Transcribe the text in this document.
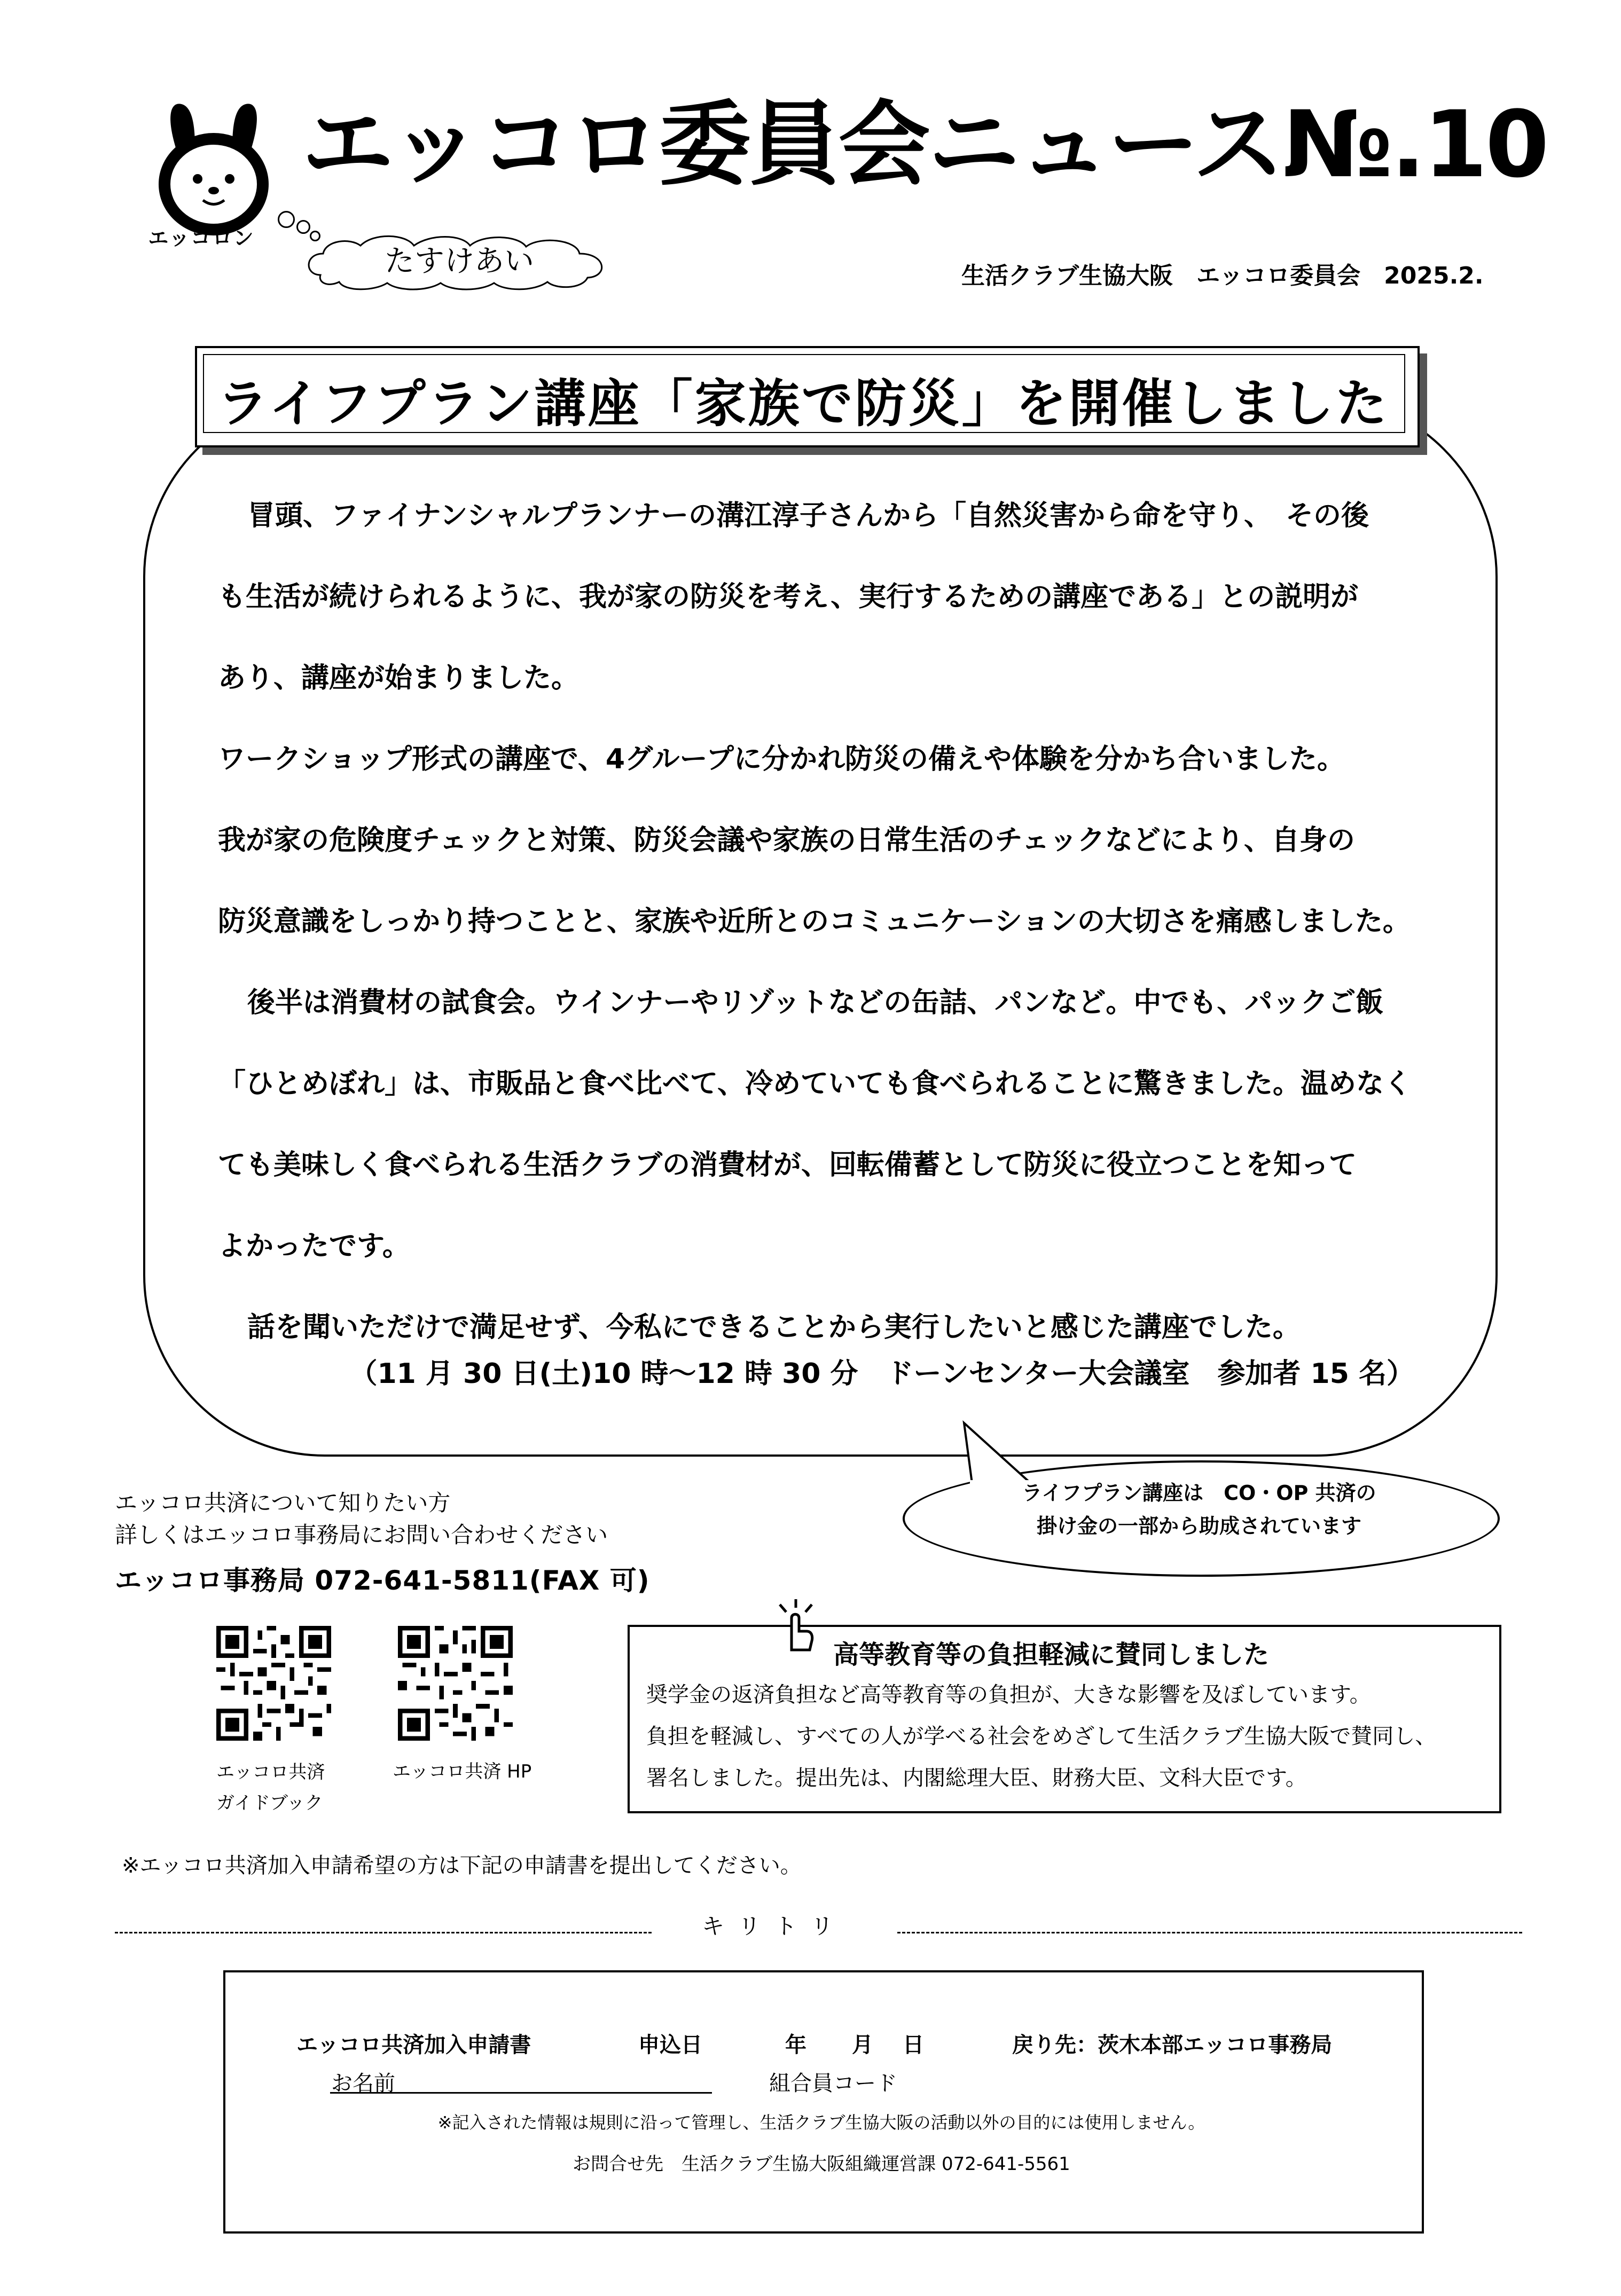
エッコロン
エッコロ委員会ニュース№.10
たすけあい	生活クラブ生協大阪　エッコロ委員会　2025.2.
ライフプラン講座「家族で防災」を開催しました

冒頭、ファイナンシャルプランナーの溝江淳子さんから「自然災害から命を守り、　その後

も生活が続けられるように、我が家の防災を考え、実行するための講座である」との説明が

あり、講座が始まりました。

ワークショップ形式の講座で、4グループに分かれ防災の備えや体験を分かち合いました。

我が家の危険度チェックと対策、防災会議や家族の日常生活のチェックなどにより、自身の

防災意識をしっかり持つことと、家族や近所とのコミュニケーションの大切さを痛感しました。

後半は消費材の試食会。ウインナーやリゾットなどの缶詰、パンなど。中でも、パックご飯

「ひとめぼれ」は、市販品と食べ比べて、冷めていても食べられることに驚きました。温めなく

ても美味しく食べられる生活クラブの消費材が、回転備蓄として防災に役立つことを知って

よかったです。

話を聞いただけで満足せず、今私にできることから実行したいと感じた講座でした。

（11 月 30 日(土)10 時～12 時 30 分　ドーンセンター大会議室　参加者 15 名）
ライフプラン講座は　CO・OP 共済の
掛け金の一部から助成されています
エッコロ共済について知りたい方
詳しくはエッコロ事務局にお問い合わせください
エッコロ事務局 072-641-5811(FAX 可)
エッコロ共済
ガイドブック
エッコロ共済 HP
高等教育等の負担軽減に賛同しました
奨学金の返済負担など高等教育等の負担が、大きな影響を及ぼしています。
負担を軽減し、すべての人が学べる社会をめざして生活クラブ生協大阪で賛同し、
署名しました。提出先は、内閣総理大臣、財務大臣、文科大臣です。
※エッコロ共済加入申請希望の方は下記の申請書を提出してください。
キリトリ
エッコロ共済加入申請書	申込日	年 月 日	戻り先：茨木本部エッコロ事務局
お名前	組合員コード
※記入された情報は規則に沿って管理し、生活クラブ生協大阪の活動以外の目的には使用しません。
お問合せ先　生活クラブ生協大阪組織運営課 072-641-5561
